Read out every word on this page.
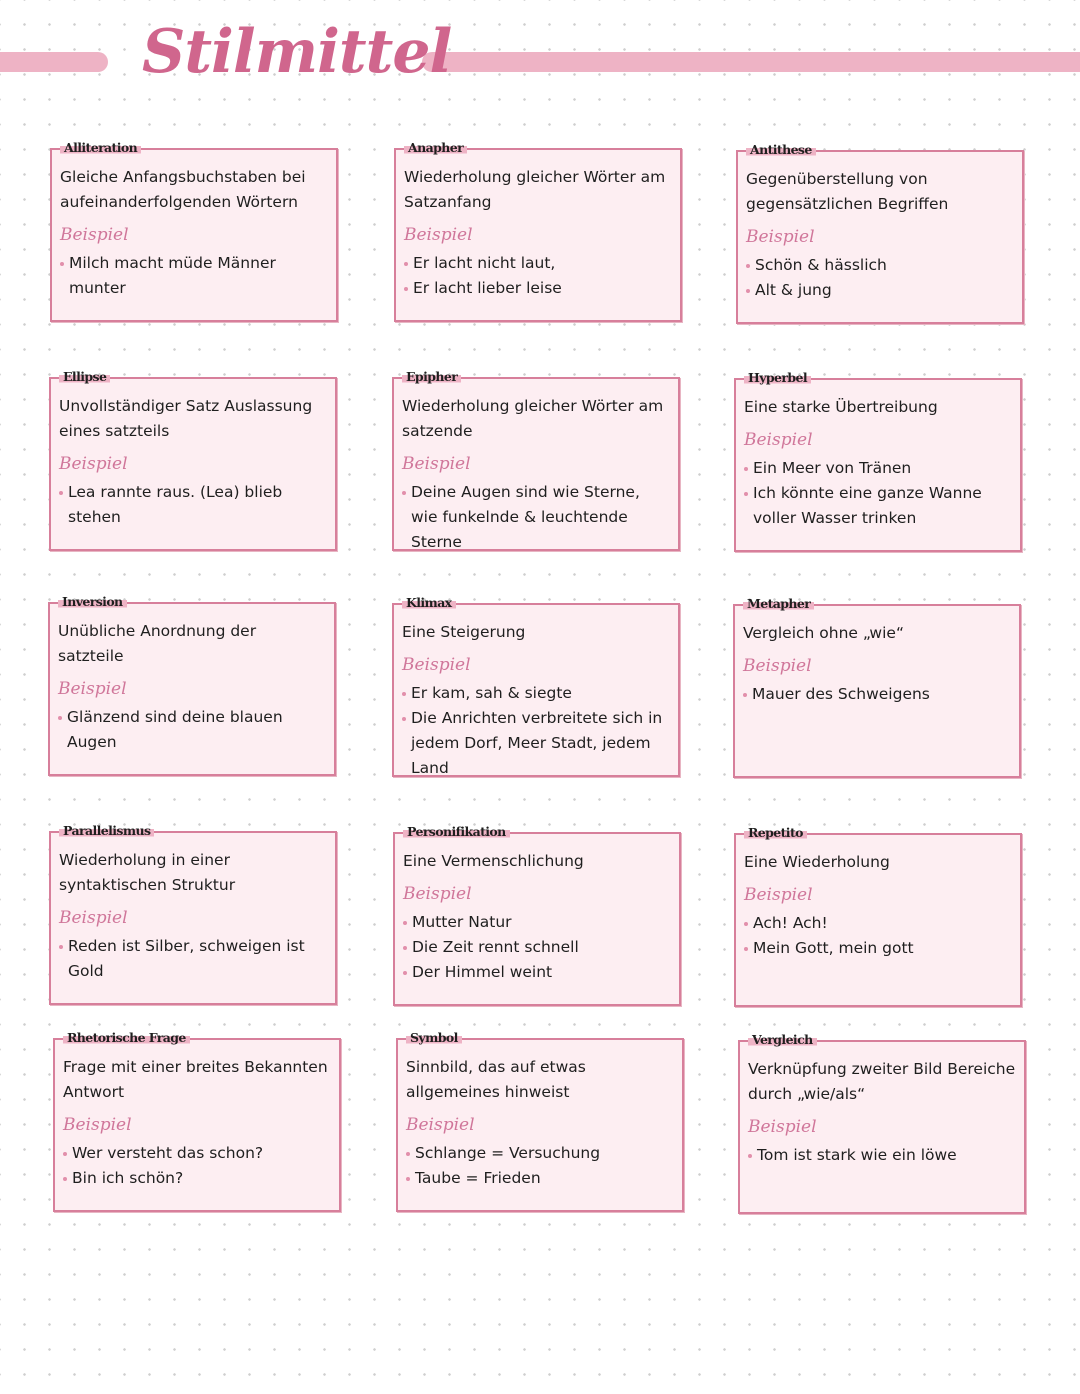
Stilmittel
Alliteration

Gleiche Anfangsbuchstaben bei aufeinanderfolgenden Wörtern

Beispiel
Milch macht müde Männer munter
Anapher

Wiederholung gleicher Wörter am Satzanfang

Beispiel
Er lacht nicht laut,
Er lacht lieber leise
Antithese

Gegenüberstellung von gegensätzlichen Begriffen

Beispiel
Schön & hässlich
Alt & jung
Ellipse

Unvollständiger Satz Auslassung eines satzteils

Beispiel
Lea rannte raus. (Lea) blieb stehen
Epipher

Wiederholung gleicher Wörter am satzende

Beispiel
Deine Augen sind wie Sterne, wie funkelnde & leuchtende Sterne
Hyperbel

Eine starke Übertreibung

Beispiel
Ein Meer von Tränen
Ich könnte eine ganze Wanne voller Wasser trinken
Inversion

Unübliche Anordnung der satzteile

Beispiel
Glänzend sind deine blauen Augen
Klimax

Eine Steigerung

Beispiel
Er kam, sah & siegte
Die Anrichten verbreitete sich in jedem Dorf, Meer Stadt, jedem Land
Metapher

Vergleich ohne „wie“

Beispiel
Mauer des Schweigens
Parallelismus

Wiederholung in einer syntaktischen Struktur

Beispiel
Reden ist Silber, schweigen ist Gold
Personifikation

Eine Vermenschlichung

Beispiel
Mutter Natur
Die Zeit rennt schnell
Der Himmel weint
Repetito

Eine Wiederholung

Beispiel
Ach! Ach!
Mein Gott, mein gott
Rhetorische Frage

Frage mit einer breites Bekannten Antwort

Beispiel
Wer versteht das schon?
Bin ich schön?
Symbol

Sinnbild, das auf etwas allgemeines hinweist

Beispiel
Schlange = Versuchung
Taube = Frieden
Vergleich

Verknüpfung zweiter Bild Bereiche durch „wie/als“

Beispiel
Tom ist stark wie ein löwe
